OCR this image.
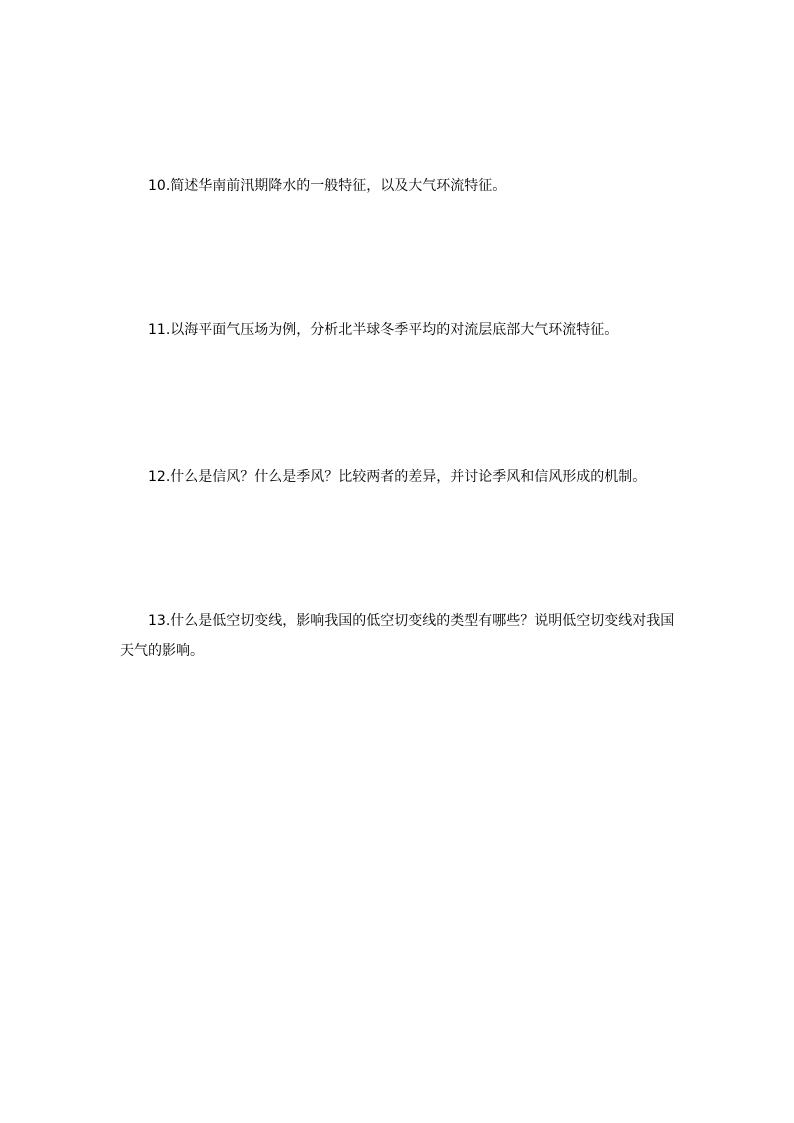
10.简述华南前汛期降水的一般特征，以及大气环流特征。

11.以海平面气压场为例，分析北半球冬季平均的对流层底部大气环流特征。

12.什么是信风？什么是季风？比较两者的差异，并讨论季风和信风形成的机制。

13.什么是低空切变线，影响我国的低空切变线的类型有哪些？说明低空切变线对我国天气的影响。
